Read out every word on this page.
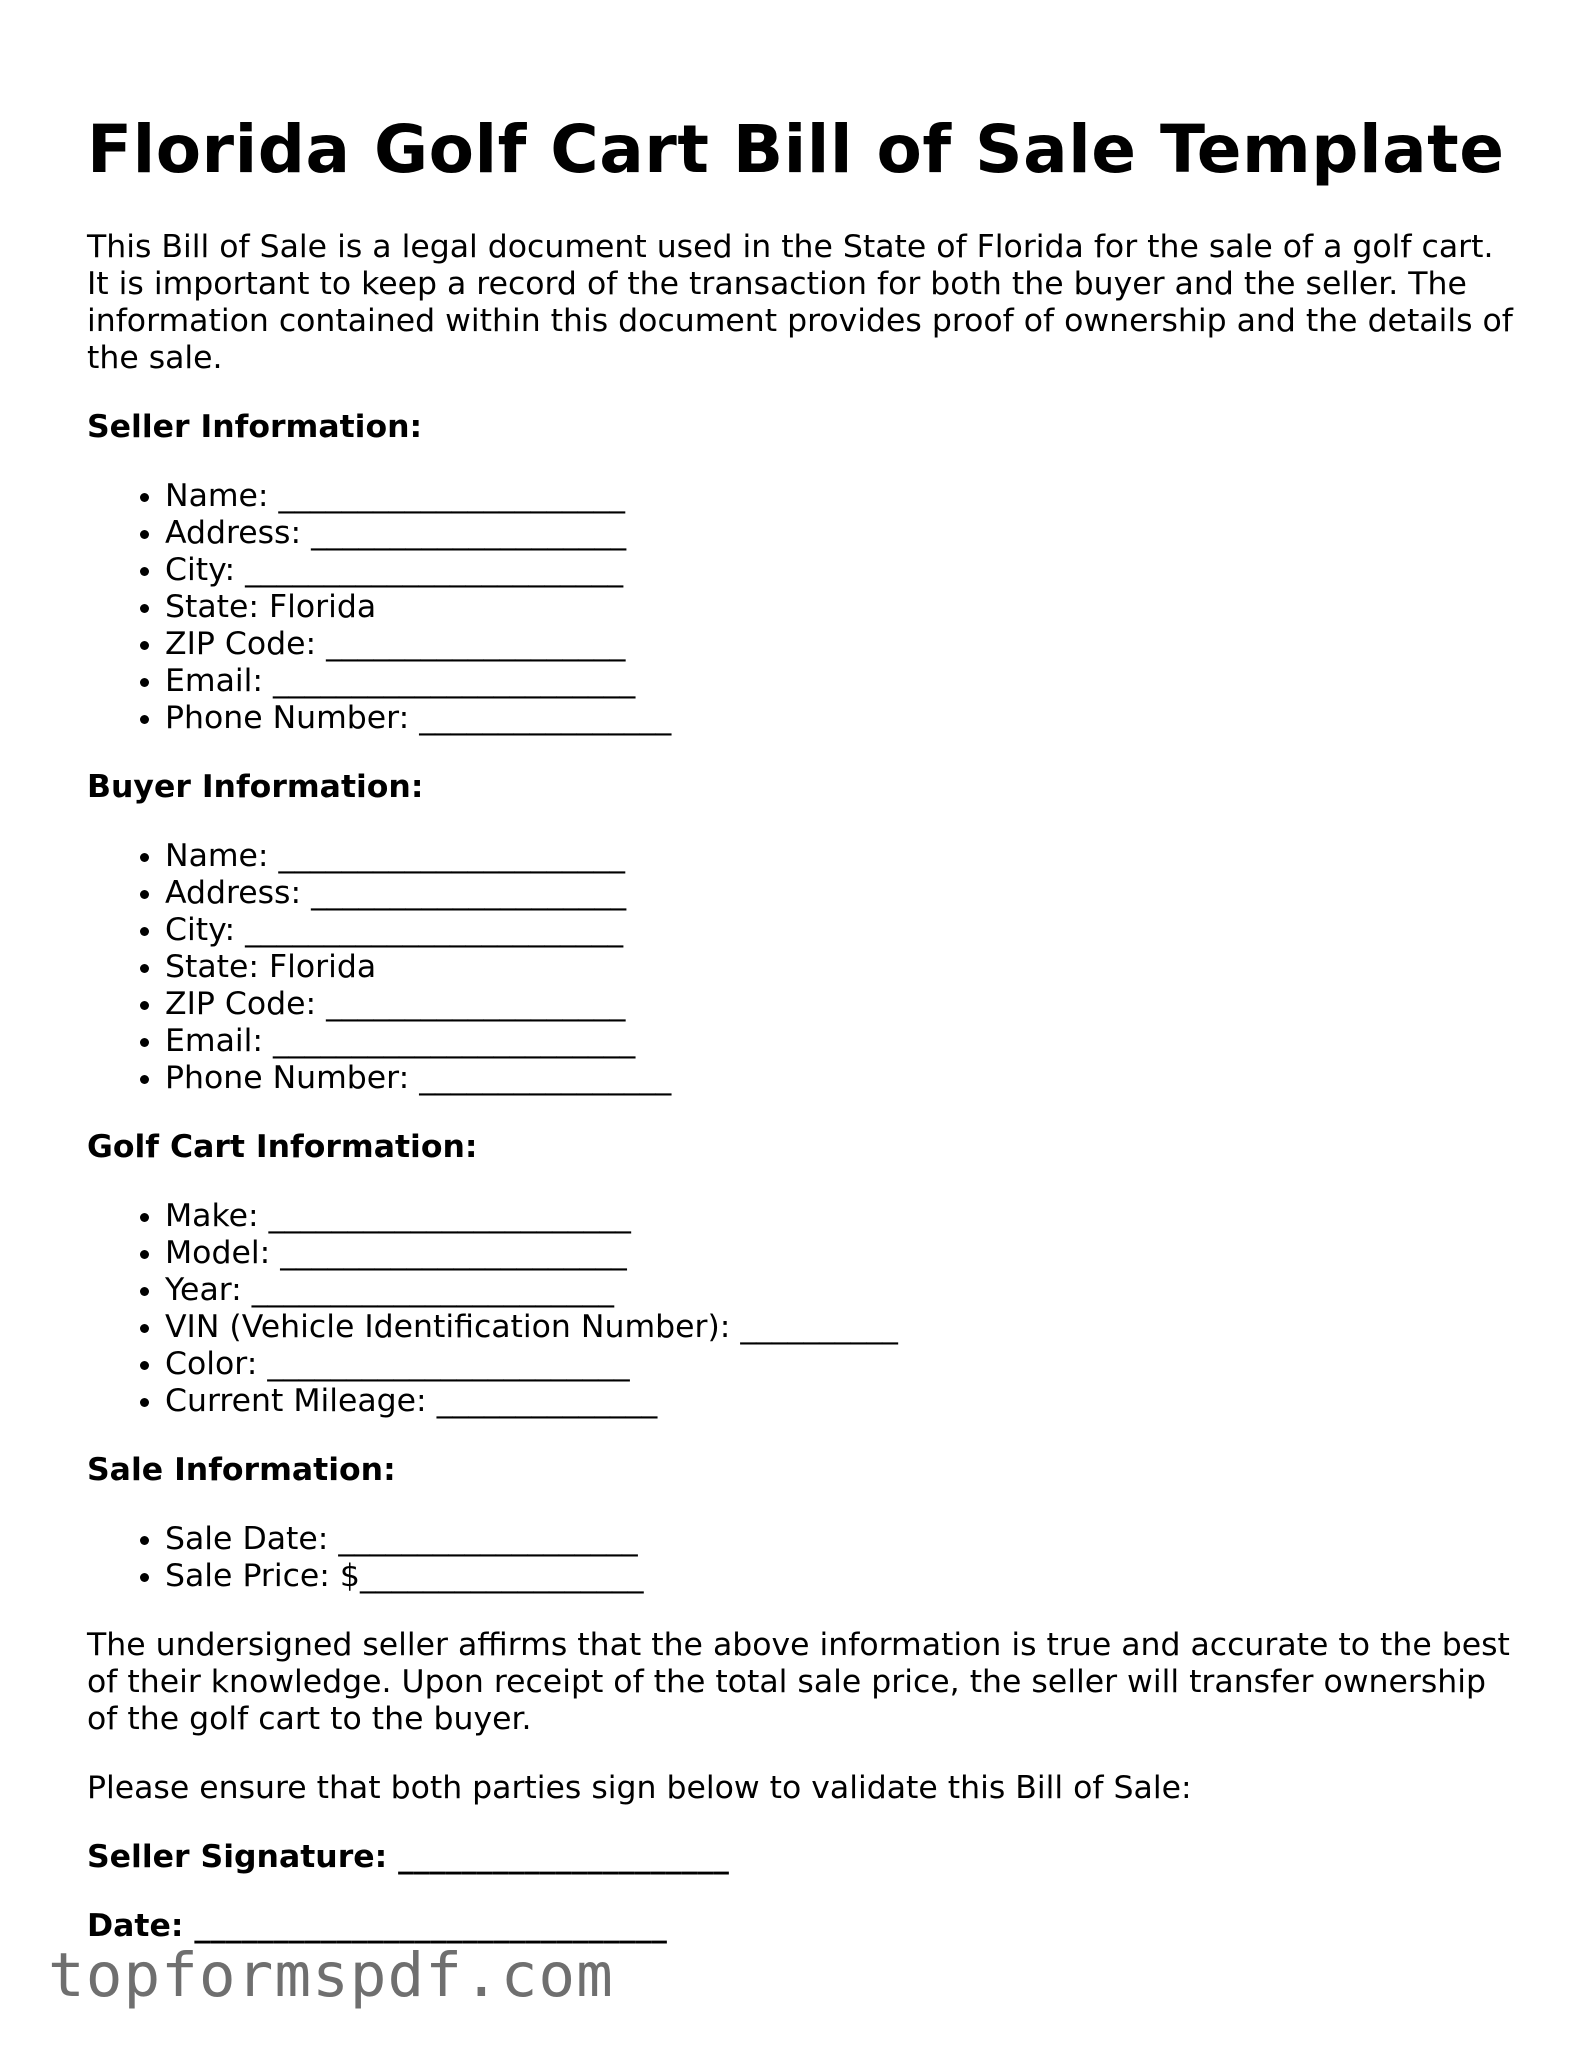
Florida Golf Cart Bill of Sale Template

This Bill of Sale is a legal document used in the State of Florida for the sale of a golf cart. It is important to keep a record of the transaction for both the buyer and the seller. The information contained within this document provides proof of ownership and the details of the sale.

Seller Information:
• Name: ______________________
• Address: ____________________
• City: ________________________
• State: Florida
• ZIP Code: ___________________
• Email: _______________________
• Phone Number: ________________
Buyer Information:
• Name: ______________________
• Address: ____________________
• City: ________________________
• State: Florida
• ZIP Code: ___________________
• Email: _______________________
• Phone Number: ________________
Golf Cart Information:
• Make: _______________________
• Model: ______________________
• Year: _______________________
• VIN (Vehicle Identification Number): __________
• Color: _______________________
• Current Mileage: ______________
Sale Information:
• Sale Date: ___________________
• Sale Price: $__________________

The undersigned seller affirms that the above information is true and accurate to the best of their knowledge. Upon receipt of the total sale price, the seller will transfer ownership of the golf cart to the buyer.

Please ensure that both parties sign below to validate this Bill of Sale:

Seller Signature: _____________________
Date: ______________________________
topformspdf.com
